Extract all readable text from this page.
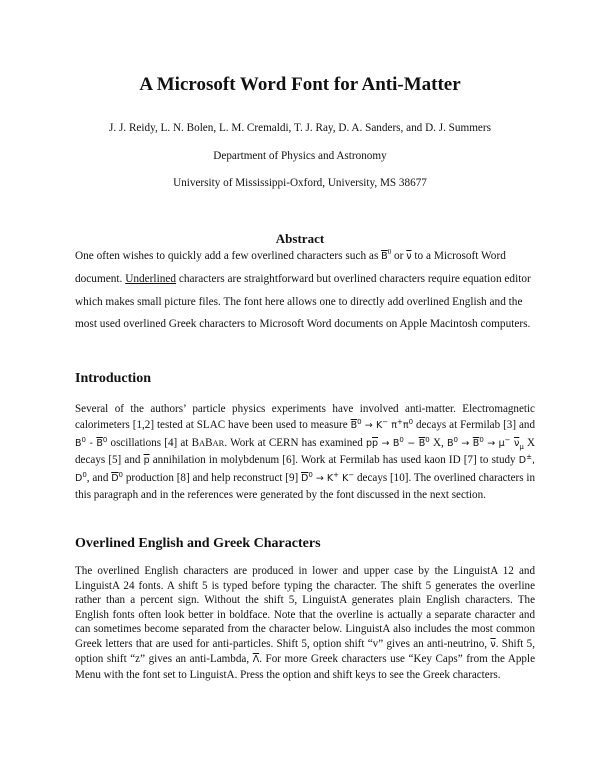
A Microsoft Word Font for Anti-Matter
J. J. Reidy, L. N. Bolen, L. M. Cremaldi, T. J. Ray, D. A. Sanders, and D. J. Summers
Department of Physics and Astronomy
University of Mississippi-Oxford, University, MS 38677
Abstract
One often wishes to quickly add a few overlined characters such as $\overline{B}^0$ or $\overline{\nu}$ to a Microsoft Word document. Underlined characters are straightforward but overlined characters require equation editor which makes small picture files. The font here allows one to directly add overlined English and the most used overlined Greek characters to Microsoft Word documents on Apple Macintosh computers.
Introduction
Several of the authors’ particle physics experiments have involved anti-matter. Electromagnetic calorimeters [1,2] tested at SLAC have been used to measure $\overline{B}^0 \to K^-$ $\pi^+\pi^0$ decays at Fermilab [3] and $B^0 - \overline{B}^0$ oscillations [4] at BABAR. Work at CERN has examined $p\overline{p} \to B^0 - \overline{B}^0$ X, $B^0 \to \overline{B}^0 \to \mu^-$ $\overline{\nu}_\mu$ X decays [5] and $\overline{p}$ annihilation in molybdenum [6]. Work at Fermilab has used kaon ID [7] to study D±, $D^0$, and $\overline{D}^0$ production [8] and help reconstruct [9] $\overline{D}^0 \to K^+$ K− decays [10]. The overlined characters in this paragraph and in the references were generated by the font discussed in the next section.
Overlined English and Greek Characters
The overlined English characters are produced in lower and upper case by the LinguistA 12 and LinguistA 24 fonts. A shift 5 is typed before typing the character. The shift 5 generates the overline rather than a percent sign. Without the shift 5, LinguistA generates plain English characters. The English fonts often look better in boldface. Note that the overline is actually a separate character and can sometimes become separated from the character below. LinguistA also includes the most common Greek letters that are used for anti-particles. Shift 5, option shift “v” gives an anti-neutrino, $\overline{\nu}$. Shift 5, option shift “z” gives an anti-Lambda, $\overline{\Lambda}$. For more Greek characters use “Key Caps” from the Apple Menu with the font set to LinguistA. Press the option and shift keys to see the Greek characters.
